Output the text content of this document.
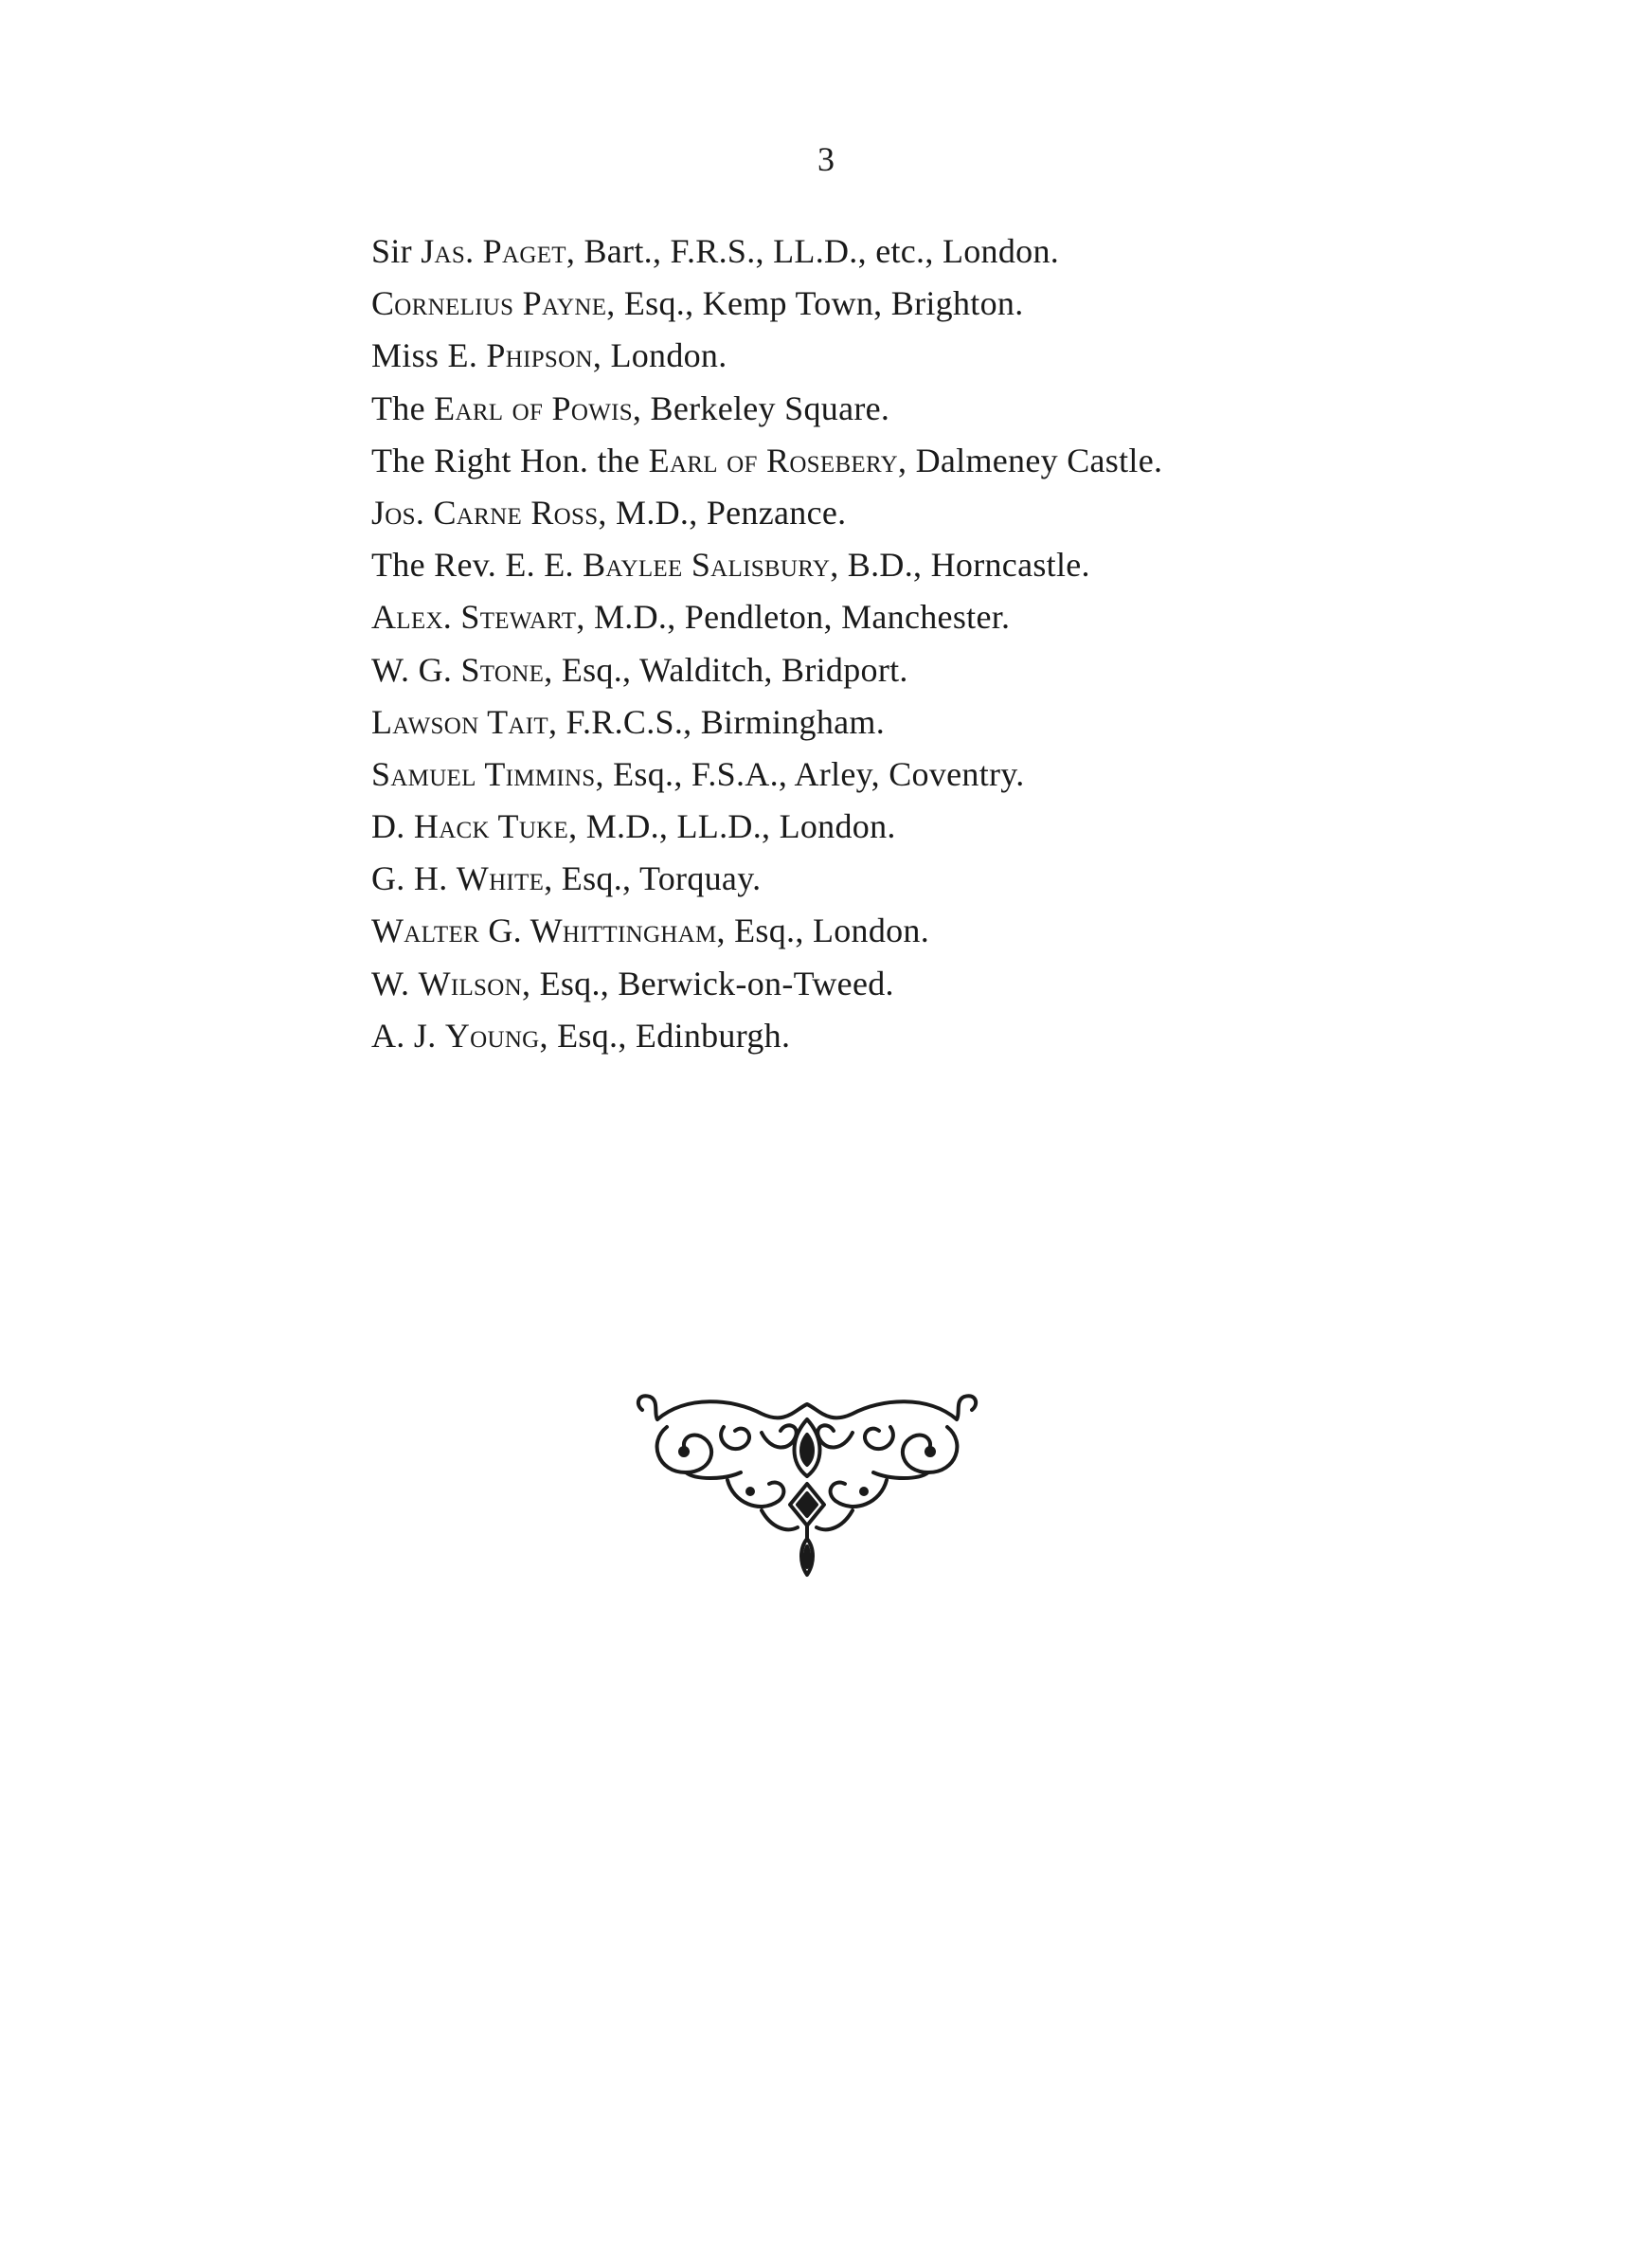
3
Sir Jas. Paget, Bart., F.R.S., LL.D., etc., London.
Cornelius Payne, Esq., Kemp Town, Brighton.
Miss E. Phipson, London.
The Earl of Powis, Berkeley Square.
The Right Hon. the Earl of Rosebery, Dalmeney Castle.
Jos. Carne Ross, M.D., Penzance.
The Rev. E. E. Baylee Salisbury, B.D., Horncastle.
Alex. Stewart, M.D., Pendleton, Manchester.
W. G. Stone, Esq., Walditch, Bridport.
Lawson Tait, F.R.C.S., Birmingham.
Samuel Timmins, Esq., F.S.A., Arley, Coventry.
D. Hack Tuke, M.D., LL.D., London.
G. H. White, Esq., Torquay.
Walter G. Whittingham, Esq., London.
W. Wilson, Esq., Berwick-on-Tweed.
A. J. Young, Esq., Edinburgh.
